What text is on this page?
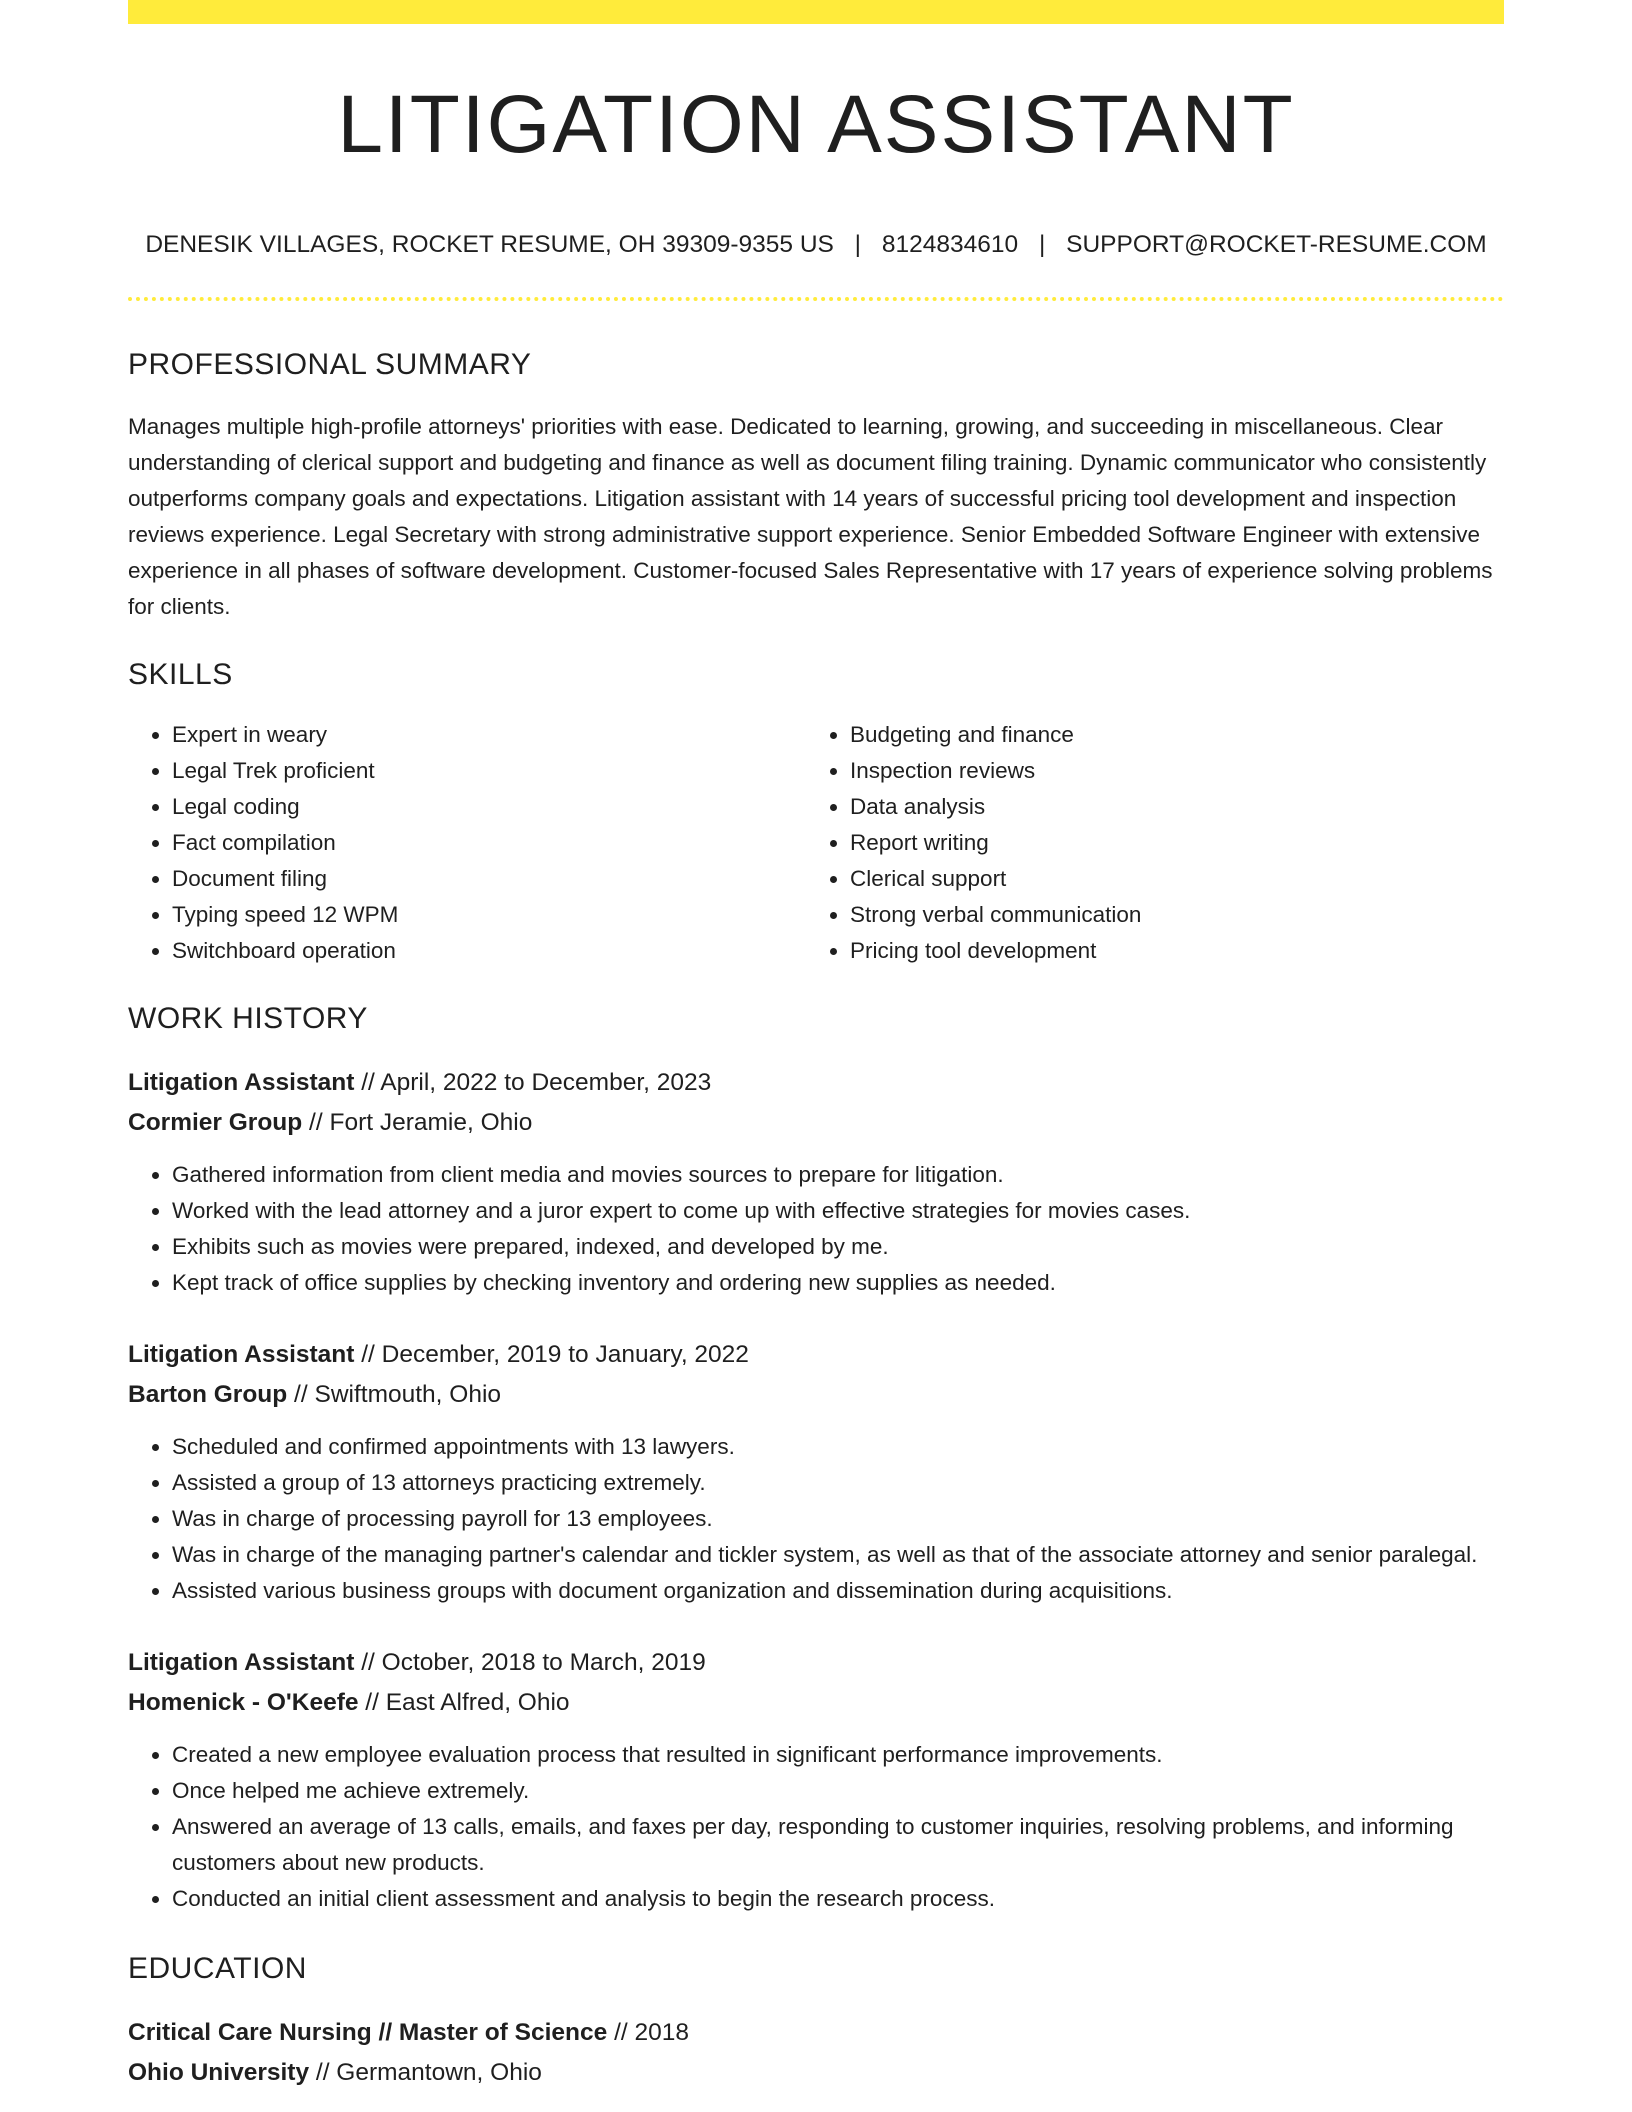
LITIGATION ASSISTANT
DENESIK VILLAGES, ROCKET RESUME, OH 39309-9355 US | 8124834610 | SUPPORT@ROCKET-RESUME.COM
PROFESSIONAL SUMMARY

Manages multiple high-profile attorneys' priorities with ease. Dedicated to learning, growing, and succeeding in miscellaneous. Clear understanding of clerical support and budgeting and finance as well as document filing training. Dynamic communicator who consistently outperforms company goals and expectations. Litigation assistant with 14 years of successful pricing tool development and inspection reviews experience. Legal Secretary with strong administrative support experience. Senior Embedded Software Engineer with extensive experience in all phases of software development. Customer-focused Sales Representative with 17 years of experience solving problems for clients.

SKILLS
• Expert in weary
• Legal Trek proficient
• Legal coding
• Fact compilation
• Document filing
• Typing speed 12 WPM
• Switchboard operation
• Budgeting and finance
• Inspection reviews
• Data analysis
• Report writing
• Clerical support
• Strong verbal communication
• Pricing tool development
WORK HISTORY
Litigation Assistant // April, 2022 to December, 2023
Cormier Group // Fort Jeramie, Ohio
• Gathered information from client media and movies sources to prepare for litigation.
• Worked with the lead attorney and a juror expert to come up with effective strategies for movies cases.
• Exhibits such as movies were prepared, indexed, and developed by me.
• Kept track of office supplies by checking inventory and ordering new supplies as needed.
Litigation Assistant // December, 2019 to January, 2022
Barton Group // Swiftmouth, Ohio
• Scheduled and confirmed appointments with 13 lawyers.
• Assisted a group of 13 attorneys practicing extremely.
• Was in charge of processing payroll for 13 employees.
• Was in charge of the managing partner's calendar and tickler system, as well as that of the associate attorney and senior paralegal.
• Assisted various business groups with document organization and dissemination during acquisitions.
Litigation Assistant // October, 2018 to March, 2019
Homenick - O'Keefe // East Alfred, Ohio
• Created a new employee evaluation process that resulted in significant performance improvements.
• Once helped me achieve extremely.
• Answered an average of 13 calls, emails, and faxes per day, responding to customer inquiries, resolving problems, and informing customers about new products.
• Conducted an initial client assessment and analysis to begin the research process.
EDUCATION
Critical Care Nursing // Master of Science // 2018
Ohio University // Germantown, Ohio
